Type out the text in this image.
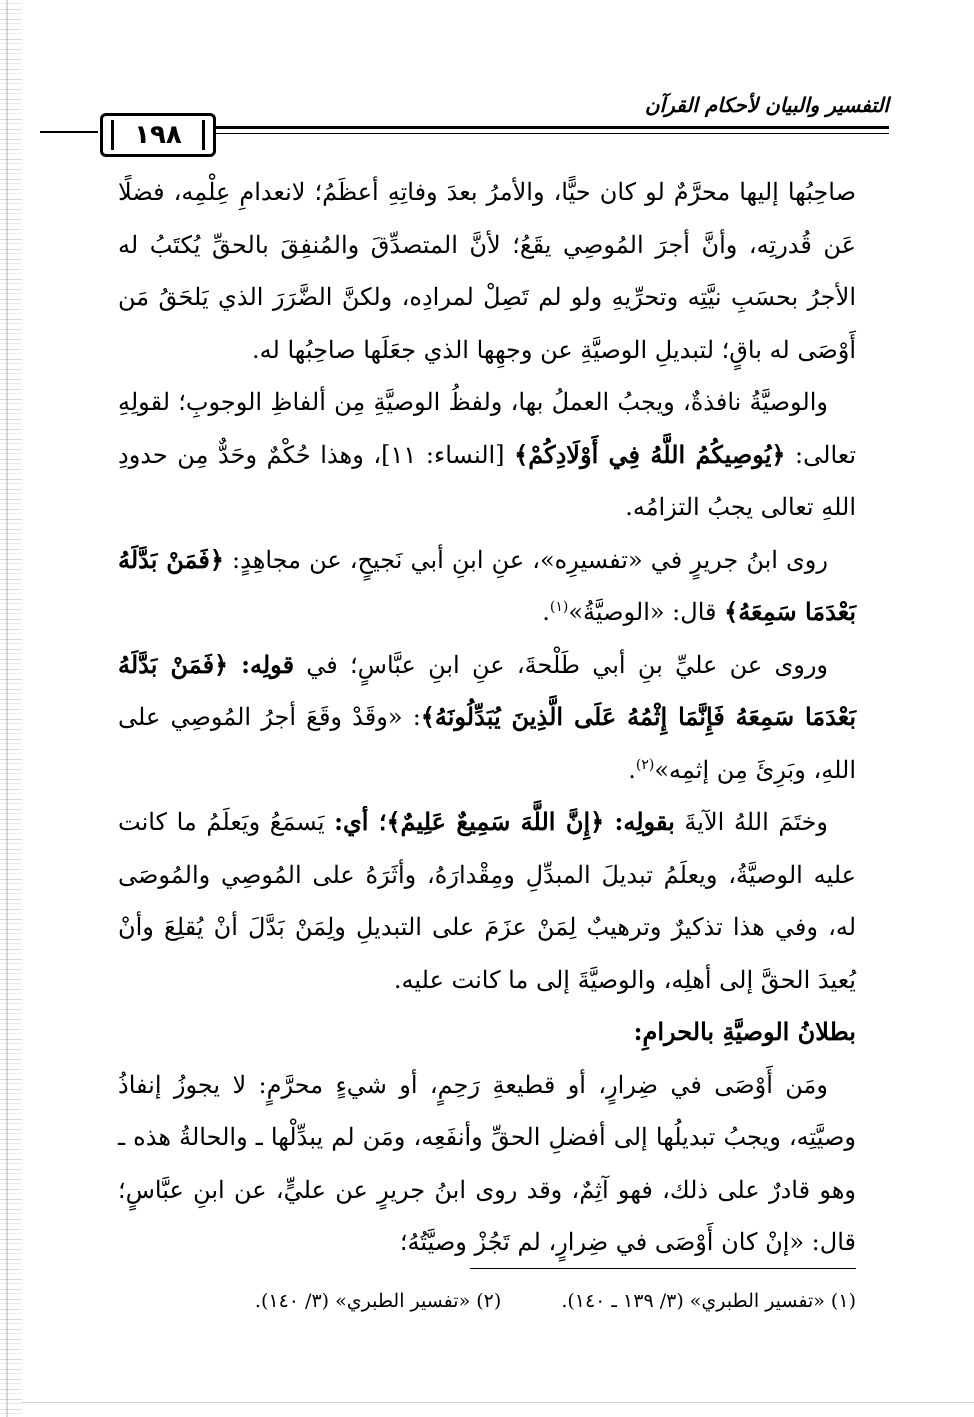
التفسير والبيان لأحكام القرآن
١٩٨

صاحِبُها إليها محرَّمٌ لو كان حيًّا، والأمرُ بعدَ وفاتِهِ أعظَمُ؛ لانعدامِ عِلْمِه، فضلًا عَن قُدرتِه، وأنَّ أجرَ المُوصِي يقَعُ؛ لأنَّ المتصدِّقَ والمُنفِقَ بالحقِّ يُكتَبُ له الأجرُ بحسَبِ نيَّتِه وتحرِّيهِ ولو لم تَصِلْ لمرادِه، ولكنَّ الضَّرَرَ الذي يَلحَقُ مَن أَوْصَى له باقٍ؛ لتبديلِ الوصيَّةِ عن وجهِها الذي جعَلَها صاحِبُها له.

والوصيَّةُ نافذةٌ، ويجبُ العملُ بها، ولفظُ الوصيَّةِ مِن ألفاظِ الوجوبِ؛ لقولِهِ تعالى: ﴿يُوصِيكُمُ اللَّهُ فِي أَوْلَادِكُمْ﴾ [النساء: ١١]، وهذا حُكْمٌ وحَدٌّ مِن حدودِ اللهِ تعالى يجبُ التزامُه.

روى ابنُ جريرٍ في «تفسيرِه»، عنِ ابنِ أبي نَجيحٍ، عن مجاهِدٍ: ﴿فَمَنْ بَدَّلَهُ بَعْدَمَا سَمِعَهُ﴾ قال: «الوصيَّةُ»$^{(١)}$.

وروى عن عليِّ بنِ أبي طَلْحةَ، عنِ ابنِ عبَّاسٍ؛ في قولِه: ﴿فَمَنْ بَدَّلَهُ بَعْدَمَا سَمِعَهُ فَإِنَّمَا إِثْمُهُ عَلَى الَّذِينَ يُبَدِّلُونَهُ﴾: «وقَدْ وقَعَ أجرُ المُوصِي على اللهِ، وبَرِئَ مِن إثمِه»$^{(٢)}$.

وختَمَ اللهُ الآيةَ بقولِه: ﴿إِنَّ اللَّهَ سَمِيعٌ عَلِيمٌ﴾؛ أي: يَسمَعُ ويَعلَمُ ما كانت عليه الوصيَّةُ، ويعلَمُ تبديلَ المبدِّلِ ومِقْدارَهُ، وأثَرَهُ على المُوصِي والمُوصَى له، وفي هذا تذكيرٌ وترهيبٌ لِمَنْ عزَمَ على التبديلِ ولِمَنْ بَدَّلَ أنْ يُقلِعَ وأنْ يُعيدَ الحقَّ إلى أهلِه، والوصيَّةَ إلى ما كانت عليه.

بطلانُ الوصيَّةِ بالحرامِ:

ومَن أَوْصَى في ضِرارٍ، أو قطيعةِ رَحِمٍ، أو شيءٍ محرَّمٍ: لا يجوزُ إنفاذُ وصيَّتِه، ويجبُ تبديلُها إلى أفضلِ الحقِّ وأنفَعِه، ومَن لم يبدِّلْها ـ والحالةُ هذه ـ وهو قادرٌ على ذلك، فهو آثِمٌ، وقد روى ابنُ جريرٍ عن عليٍّ، عن ابنِ عبَّاسٍ؛ قال: «إنْ كان أَوْصَى في ضِرارٍ، لم تَجُزْ وصيَّتُهُ؛

(١) «تفسير الطبري» (٣/ ١٣٩ ـ ١٤٠).
(٢) «تفسير الطبري» (٣/ ١٤٠).
